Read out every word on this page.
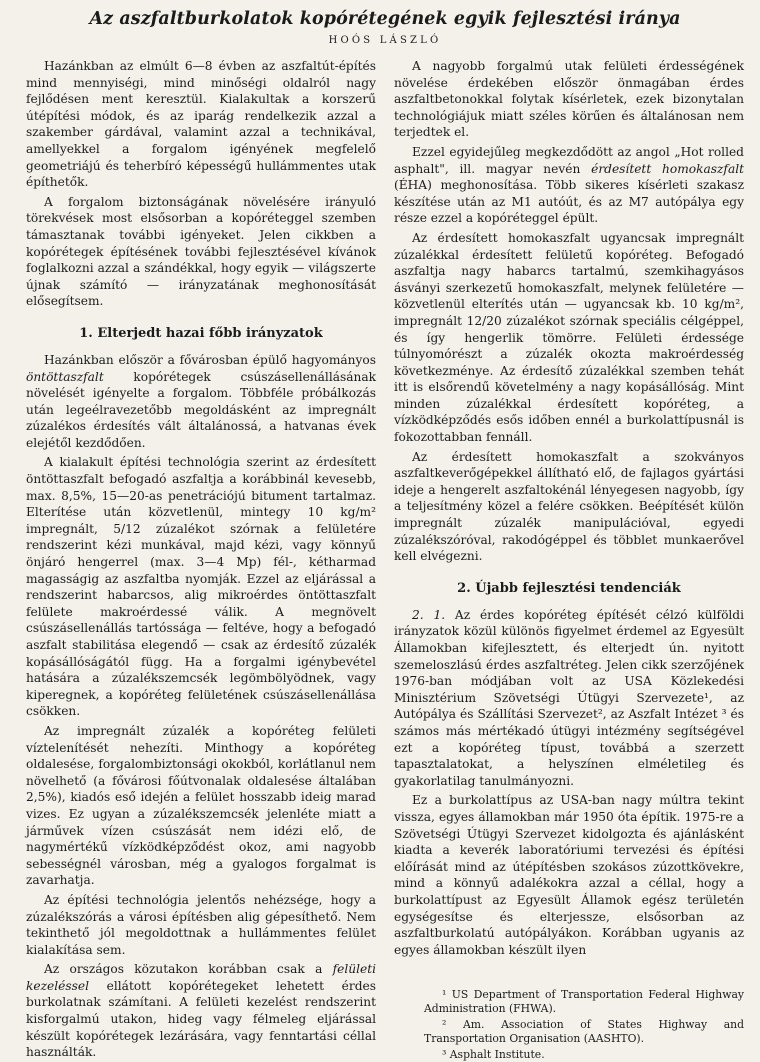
Az aszfaltburkolatok kopórétegének egyik fejlesztési iránya
HOÓS LÁSZLÓ

Hazánkban az elmúlt 6—8 évben az aszfaltút-építés mind mennyiségi, mind minőségi oldalról nagy fejlődésen ment keresztül. Kialakultak a korszerű útépítési módok, és az iparág rendelkezik azzal a szakember gárdával, valamint azzal a technikával, amellyekkel a forgalom igényének megfelelő geometriájú és teherbíró képességű hullámmentes utak építhetők.

A forgalom biztonságának növelésére irányuló törekvések most elsősorban a kopóréteggel szemben támasztanak további igényeket. Jelen cikkben a kopórétegek építésének további fejlesztésével kívánok foglalkozni azzal a szándékkal, hogy egyik — világszerte újnak számító — irányzatának meghonosítását elősegítsem.

1. Elterjedt hazai főbb irányzatok

Hazánkban először a fővárosban épülő hagyományos öntöttaszfalt kopórétegek csúszásellenállásának növelését igényelte a forgalom. Többféle próbálkozás után legeélravezetőbb megoldásként az impregnált zúzalékos érdesítés vált általánossá, a hatvanas évek elejétől kezdődően.

A kialakult építési technológia szerint az érdesített öntöttaszfalt befogadó aszfaltja a korábbinál kevesebb, max. 8,5%, 15—20-as penetrációjú bitument tartalmaz. Elterítése után közvetlenül, mintegy 10 kg/m² impregnált, 5/12 zúzalékot szórnak a felületére rendszerint kézi munkával, majd kézi, vagy könnyű önjáró hengerrel (max. 3—4 Mp) fél-, kétharmad magasságig az aszfaltba nyomják. Ezzel az eljárással a rendszerint habarcsos, alig mikroérdes öntöttaszfalt felülete makroérdessé válik. A megnövelt csúszásellenállás tartóssága — feltéve, hogy a befogadó aszfalt stabilitása elegendő — csak az érdesítő zúzalék kopásállóságától függ. Ha a forgalmi igénybevétel hatására a zúzalékszemcsék legömbölyödnek, vagy kiperegnek, a kopóréteg felületének csúszásellenállása csökken.

Az impregnált zúzalék a kopóréteg felületi víztelenítését nehezíti. Minthogy a kopóréteg oldalesése, forgalombiztonsági okokból, korlátlanul nem növelhető (a fővárosi főútvonalak oldalesése általában 2,5%), kiadós eső idején a felület hosszabb ideig marad vizes. Ez ugyan a zúzalékszemcsék jelenléte miatt a járművek vízen csúszását nem idézi elő, de nagymértékű vízködképződést okoz, ami nagyobb sebességnél városban, még a gyalogos forgalmat is zavarhatja.

Az építési technológia jelentős nehézsége, hogy a zúzalékszórás a városi építésben alig gépesíthető. Nem tekinthető jól megoldottnak a hullámmentes felület kialakítása sem.

Az országos közutakon korábban csak a felületi kezeléssel ellátott kopórétegeket lehetett érdes burkolatnak számítani. A felületi kezelést rendszerint kisforgalmú utakon, hideg vagy félmeleg eljárással készült kopórétegek lezárására, vagy fenntartási céllal használták.

A nagyobb forgalmú utak felületi érdességének növelése érdekében először önmagában érdes aszfaltbetonokkal folytak kísérletek, ezek bizonytalan technológiájuk miatt széles körűen és általánosan nem terjedtek el.

Ezzel egyidejűleg megkezdődött az angol „Hot rolled asphalt", ill. magyar nevén érdesített homokaszfalt (ÉHA) meghonosítása. Több sikeres kísérleti szakasz készítése után az M1 autóút, és az M7 autópálya egy része ezzel a kopóréteggel épült.

Az érdesített homokaszfalt ugyancsak impregnált zúzalékkal érdesített felületű kopóréteg. Befogadó aszfaltja nagy habarcs tartalmú, szemkihagyásos ásványi szerkezetű homokaszfalt, melynek felületére — közvetlenül elterítés után — ugyancsak kb. 10 kg/m², impregnált 12/20 zúzalékot szórnak speciális célgéppel, és így hengerlik tömörre. Felületi érdessége túlnyomórészt a zúzalék okozta makroérdesség következménye. Az érdesítő zúzalékkal szemben tehát itt is elsőrendű követelmény a nagy kopásállóság. Mint minden zúzalékkal érdesített kopóréteg, a vízködképződés esős időben ennél a burkolattípusnál is fokozottabban fennáll.

Az érdesített homokaszfalt a szokványos aszfaltkeverőgépekkel állítható elő, de fajlagos gyártási ideje a hengerelt aszfaltokénál lényegesen nagyobb, így a teljesítmény közel a felére csökken. Beépítését külön impregnált zúzalék manipulációval, egyedi zúzalékszóróval, rakodógéppel és többlet munkaerővel kell elvégezni.

2. Újabb fejlesztési tendenciák

2. 1. Az érdes kopóréteg építését célzó külföldi irányzatok közül különös figyelmet érdemel az Egyesült Államokban kifejlesztett, és elterjedt ún. nyitott szemeloszlású érdes aszfaltréteg. Jelen cikk szerzőjének 1976-ban módjában volt az USA Közlekedési Minisztérium Szövetségi Útügyi Szervezete¹, az Autópálya és Szállítási Szervezet², az Aszfalt Intézet ³ és számos más mértékadó útügyi intézmény segítségével ezt a kopóréteg típust, továbbá a szerzett tapasztalatokat, a helyszínen elméletileg és gyakorlatilag tanulmányozni.

Ez a burkolattípus az USA-ban nagy múltra tekint vissza, egyes államokban már 1950 óta építik. 1975-re a Szövetségi Útügyi Szervezet kidolgozta és ajánlásként kiadta a keverék laboratóriumi tervezési és építési előírását mind az útépítésben szokásos zúzottkövekre, mind a könnyű adalékokra azzal a céllal, hogy a burkolattípust az Egyesült Államok egész területén egységesítse és elterjessze, elsősorban az aszfaltburkolatú autópályákon. Korábban ugyanis az egyes államokban készült ilyen

¹ US Department of Transportation Federal Highway Administration (FHWA).

² Am. Association of States Highway and Transportation Organisation (AASHTO).

³ Asphalt Institute.
